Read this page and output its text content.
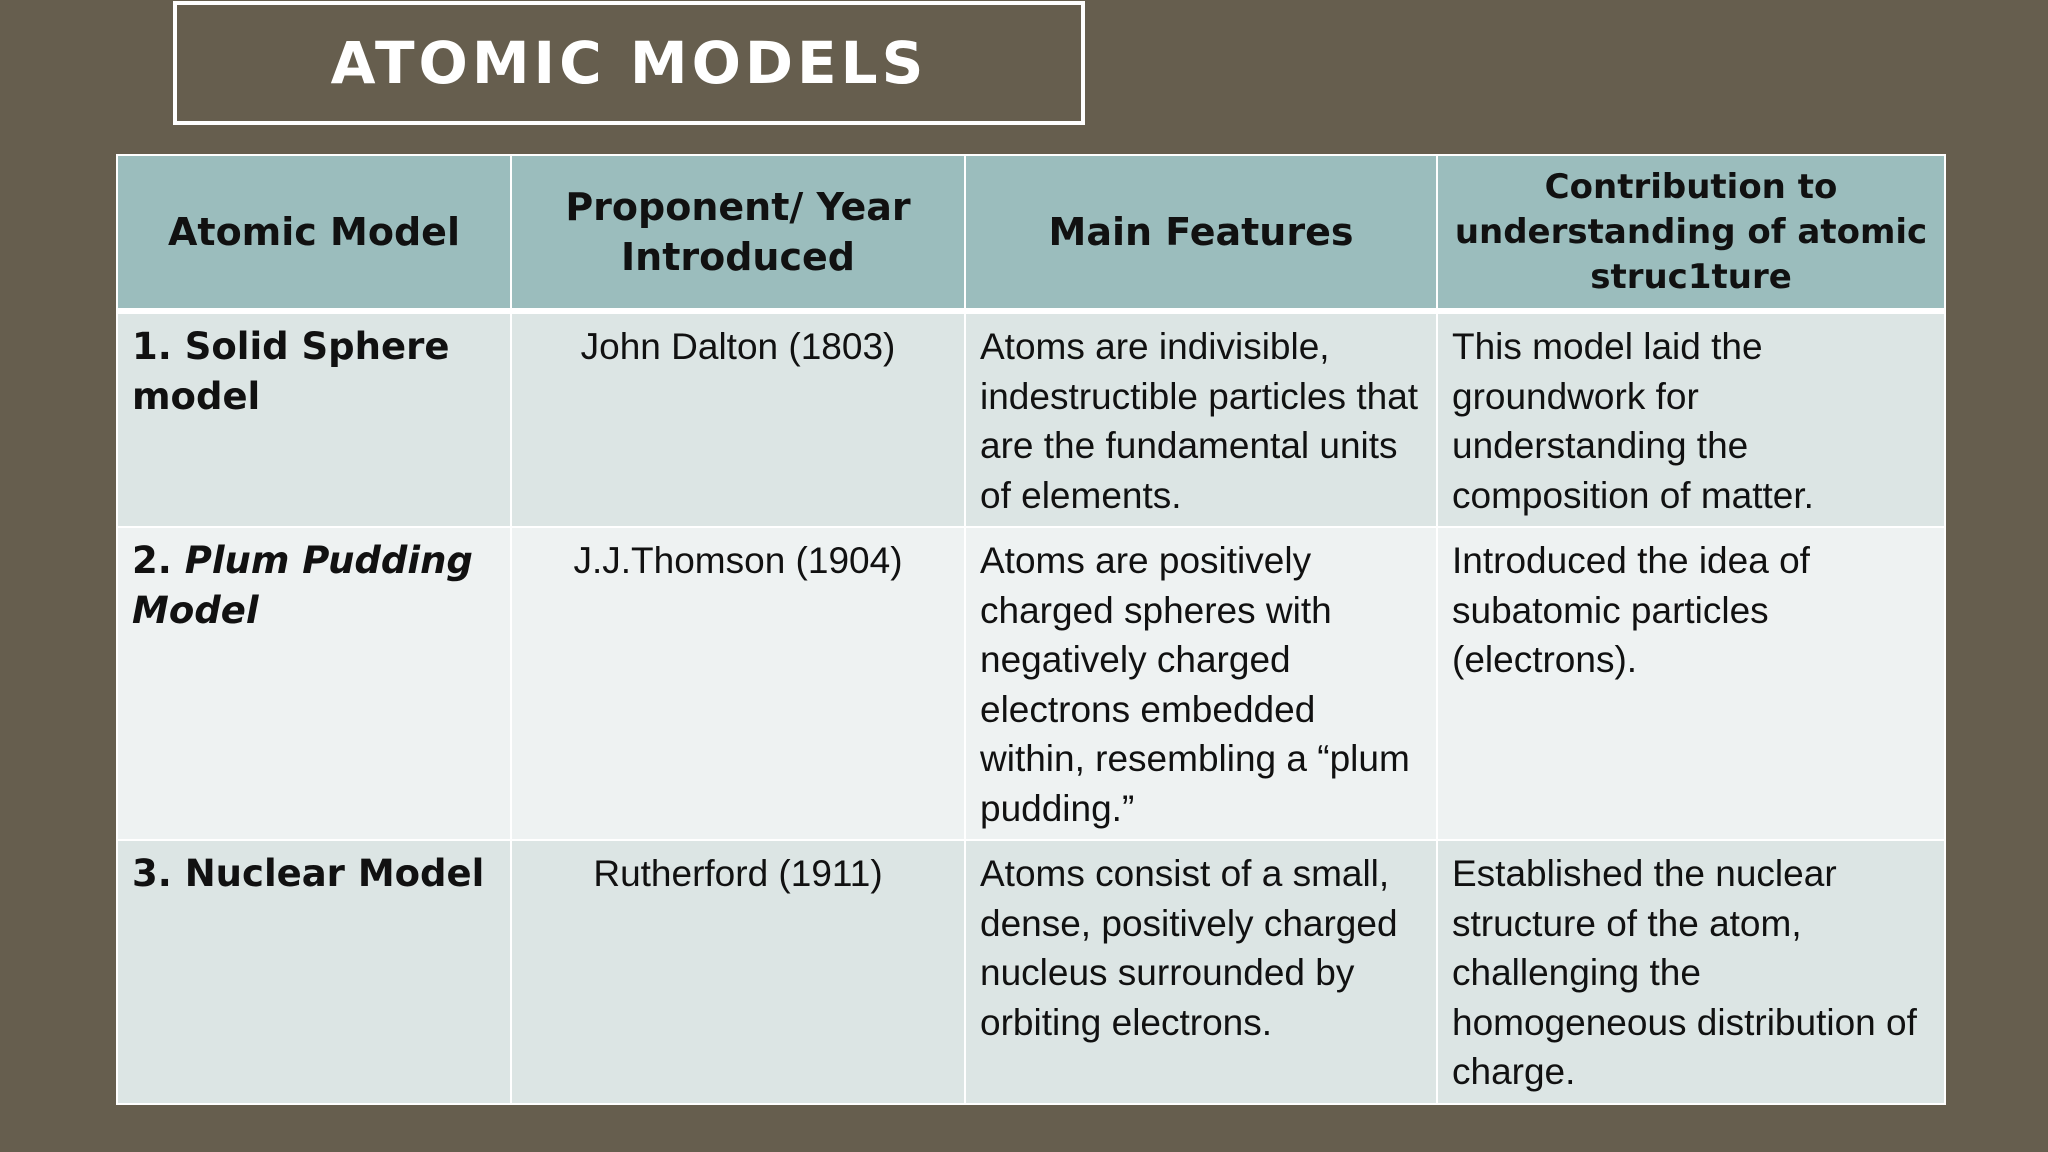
ATOMIC MODELS
Atomic Model	Proponent/ Year Introduced	Main Features	Contribution to understanding of atomic struc1ture
1. Solid Sphere model	John Dalton (1803)	Atoms are indivisible, indestructible particles that are the fundamental units of elements.	This model laid the groundwork for understanding the composition of matter.
2. Plum Pudding Model	J.J.Thomson (1904)	Atoms are positively charged spheres with negatively charged electrons embedded within, resembling a “plum pudding.”	Introduced the idea of subatomic particles (electrons).
3. Nuclear Model	Rutherford (1911)	Atoms consist of a small, dense, positively charged nucleus surrounded by orbiting electrons.	Established the nuclear structure of the atom, challenging the homogeneous distribution of charge.
